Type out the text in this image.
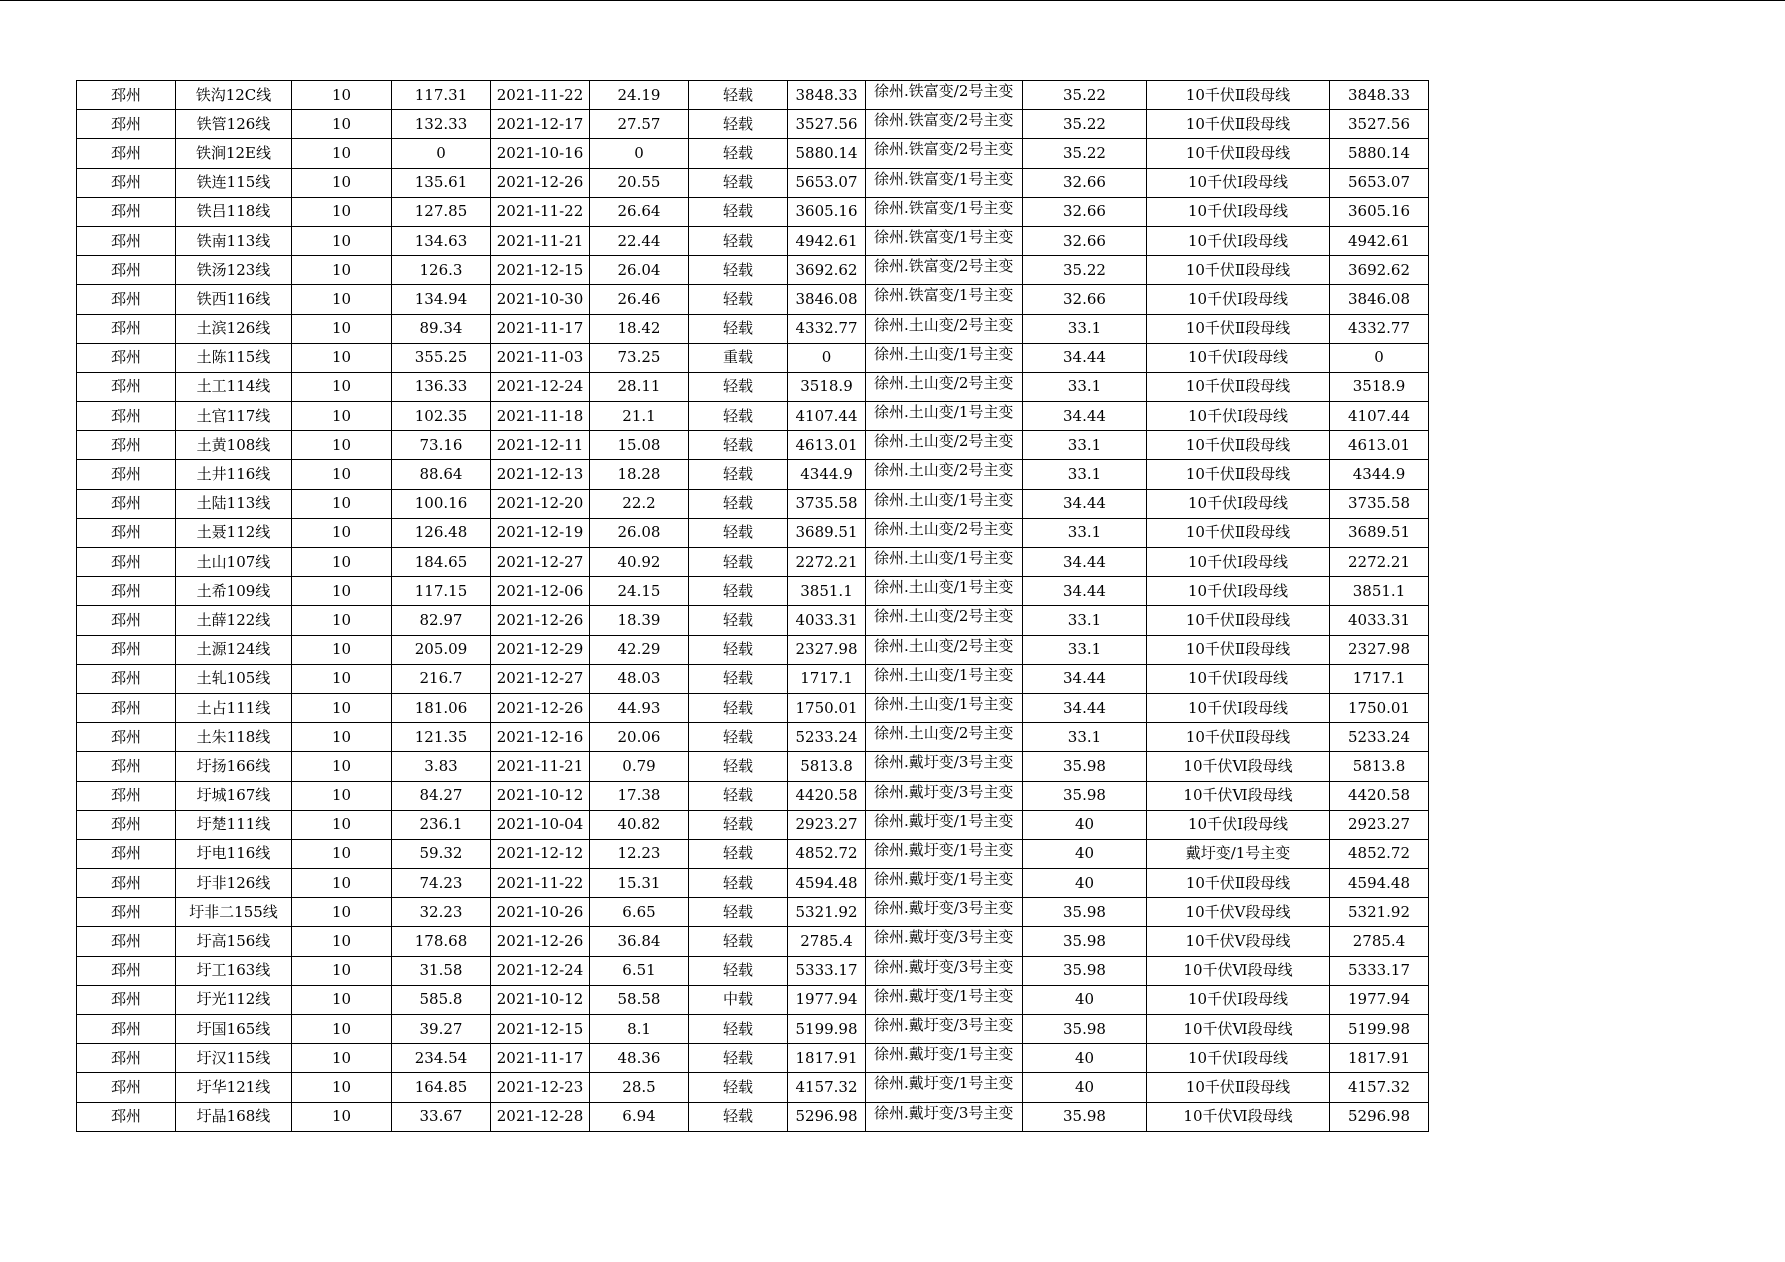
邳州	铁沟12C线	10	117.31	2021-11-22	24.19	轻载	3848.33	徐州.铁富变/2号主变	35.22	10千伏Ⅱ段母线	3848.33
邳州	铁管126线	10	132.33	2021-12-17	27.57	轻载	3527.56	徐州.铁富变/2号主变	35.22	10千伏Ⅱ段母线	3527.56
邳州	铁涧12E线	10	0	2021-10-16	0	轻载	5880.14	徐州.铁富变/2号主变	35.22	10千伏Ⅱ段母线	5880.14
邳州	铁连115线	10	135.61	2021-12-26	20.55	轻载	5653.07	徐州.铁富变/1号主变	32.66	10千伏Ⅰ段母线	5653.07
邳州	铁吕118线	10	127.85	2021-11-22	26.64	轻载	3605.16	徐州.铁富变/1号主变	32.66	10千伏Ⅰ段母线	3605.16
邳州	铁南113线	10	134.63	2021-11-21	22.44	轻载	4942.61	徐州.铁富变/1号主变	32.66	10千伏Ⅰ段母线	4942.61
邳州	铁汤123线	10	126.3	2021-12-15	26.04	轻载	3692.62	徐州.铁富变/2号主变	35.22	10千伏Ⅱ段母线	3692.62
邳州	铁西116线	10	134.94	2021-10-30	26.46	轻载	3846.08	徐州.铁富变/1号主变	32.66	10千伏Ⅰ段母线	3846.08
邳州	土滨126线	10	89.34	2021-11-17	18.42	轻载	4332.77	徐州.土山变/2号主变	33.1	10千伏Ⅱ段母线	4332.77
邳州	土陈115线	10	355.25	2021-11-03	73.25	重载	0	徐州.土山变/1号主变	34.44	10千伏Ⅰ段母线	0
邳州	土工114线	10	136.33	2021-12-24	28.11	轻载	3518.9	徐州.土山变/2号主变	33.1	10千伏Ⅱ段母线	3518.9
邳州	土官117线	10	102.35	2021-11-18	21.1	轻载	4107.44	徐州.土山变/1号主变	34.44	10千伏Ⅰ段母线	4107.44
邳州	土黄108线	10	73.16	2021-12-11	15.08	轻载	4613.01	徐州.土山变/2号主变	33.1	10千伏Ⅱ段母线	4613.01
邳州	土井116线	10	88.64	2021-12-13	18.28	轻载	4344.9	徐州.土山变/2号主变	33.1	10千伏Ⅱ段母线	4344.9
邳州	土陆113线	10	100.16	2021-12-20	22.2	轻载	3735.58	徐州.土山变/1号主变	34.44	10千伏Ⅰ段母线	3735.58
邳州	土聂112线	10	126.48	2021-12-19	26.08	轻载	3689.51	徐州.土山变/2号主变	33.1	10千伏Ⅱ段母线	3689.51
邳州	土山107线	10	184.65	2021-12-27	40.92	轻载	2272.21	徐州.土山变/1号主变	34.44	10千伏Ⅰ段母线	2272.21
邳州	土希109线	10	117.15	2021-12-06	24.15	轻载	3851.1	徐州.土山变/1号主变	34.44	10千伏Ⅰ段母线	3851.1
邳州	土薛122线	10	82.97	2021-12-26	18.39	轻载	4033.31	徐州.土山变/2号主变	33.1	10千伏Ⅱ段母线	4033.31
邳州	土源124线	10	205.09	2021-12-29	42.29	轻载	2327.98	徐州.土山变/2号主变	33.1	10千伏Ⅱ段母线	2327.98
邳州	土轧105线	10	216.7	2021-12-27	48.03	轻载	1717.1	徐州.土山变/1号主变	34.44	10千伏Ⅰ段母线	1717.1
邳州	土占111线	10	181.06	2021-12-26	44.93	轻载	1750.01	徐州.土山变/1号主变	34.44	10千伏Ⅰ段母线	1750.01
邳州	土朱118线	10	121.35	2021-12-16	20.06	轻载	5233.24	徐州.土山变/2号主变	33.1	10千伏Ⅱ段母线	5233.24
邳州	圩扬166线	10	3.83	2021-11-21	0.79	轻载	5813.8	徐州.戴圩变/3号主变	35.98	10千伏Ⅵ段母线	5813.8
邳州	圩城167线	10	84.27	2021-10-12	17.38	轻载	4420.58	徐州.戴圩变/3号主变	35.98	10千伏Ⅵ段母线	4420.58
邳州	圩楚111线	10	236.1	2021-10-04	40.82	轻载	2923.27	徐州.戴圩变/1号主变	40	10千伏Ⅰ段母线	2923.27
邳州	圩电116线	10	59.32	2021-12-12	12.23	轻载	4852.72	徐州.戴圩变/1号主变	40	戴圩变/1号主变	4852.72
邳州	圩非126线	10	74.23	2021-11-22	15.31	轻载	4594.48	徐州.戴圩变/1号主变	40	10千伏Ⅱ段母线	4594.48
邳州	圩非二155线	10	32.23	2021-10-26	6.65	轻载	5321.92	徐州.戴圩变/3号主变	35.98	10千伏Ⅴ段母线	5321.92
邳州	圩高156线	10	178.68	2021-12-26	36.84	轻载	2785.4	徐州.戴圩变/3号主变	35.98	10千伏Ⅴ段母线	2785.4
邳州	圩工163线	10	31.58	2021-12-24	6.51	轻载	5333.17	徐州.戴圩变/3号主变	35.98	10千伏Ⅵ段母线	5333.17
邳州	圩光112线	10	585.8	2021-10-12	58.58	中载	1977.94	徐州.戴圩变/1号主变	40	10千伏Ⅰ段母线	1977.94
邳州	圩国165线	10	39.27	2021-12-15	8.1	轻载	5199.98	徐州.戴圩变/3号主变	35.98	10千伏Ⅵ段母线	5199.98
邳州	圩汉115线	10	234.54	2021-11-17	48.36	轻载	1817.91	徐州.戴圩变/1号主变	40	10千伏Ⅰ段母线	1817.91
邳州	圩华121线	10	164.85	2021-12-23	28.5	轻载	4157.32	徐州.戴圩变/1号主变	40	10千伏Ⅱ段母线	4157.32
邳州	圩晶168线	10	33.67	2021-12-28	6.94	轻载	5296.98	徐州.戴圩变/3号主变	35.98	10千伏Ⅵ段母线	5296.98
